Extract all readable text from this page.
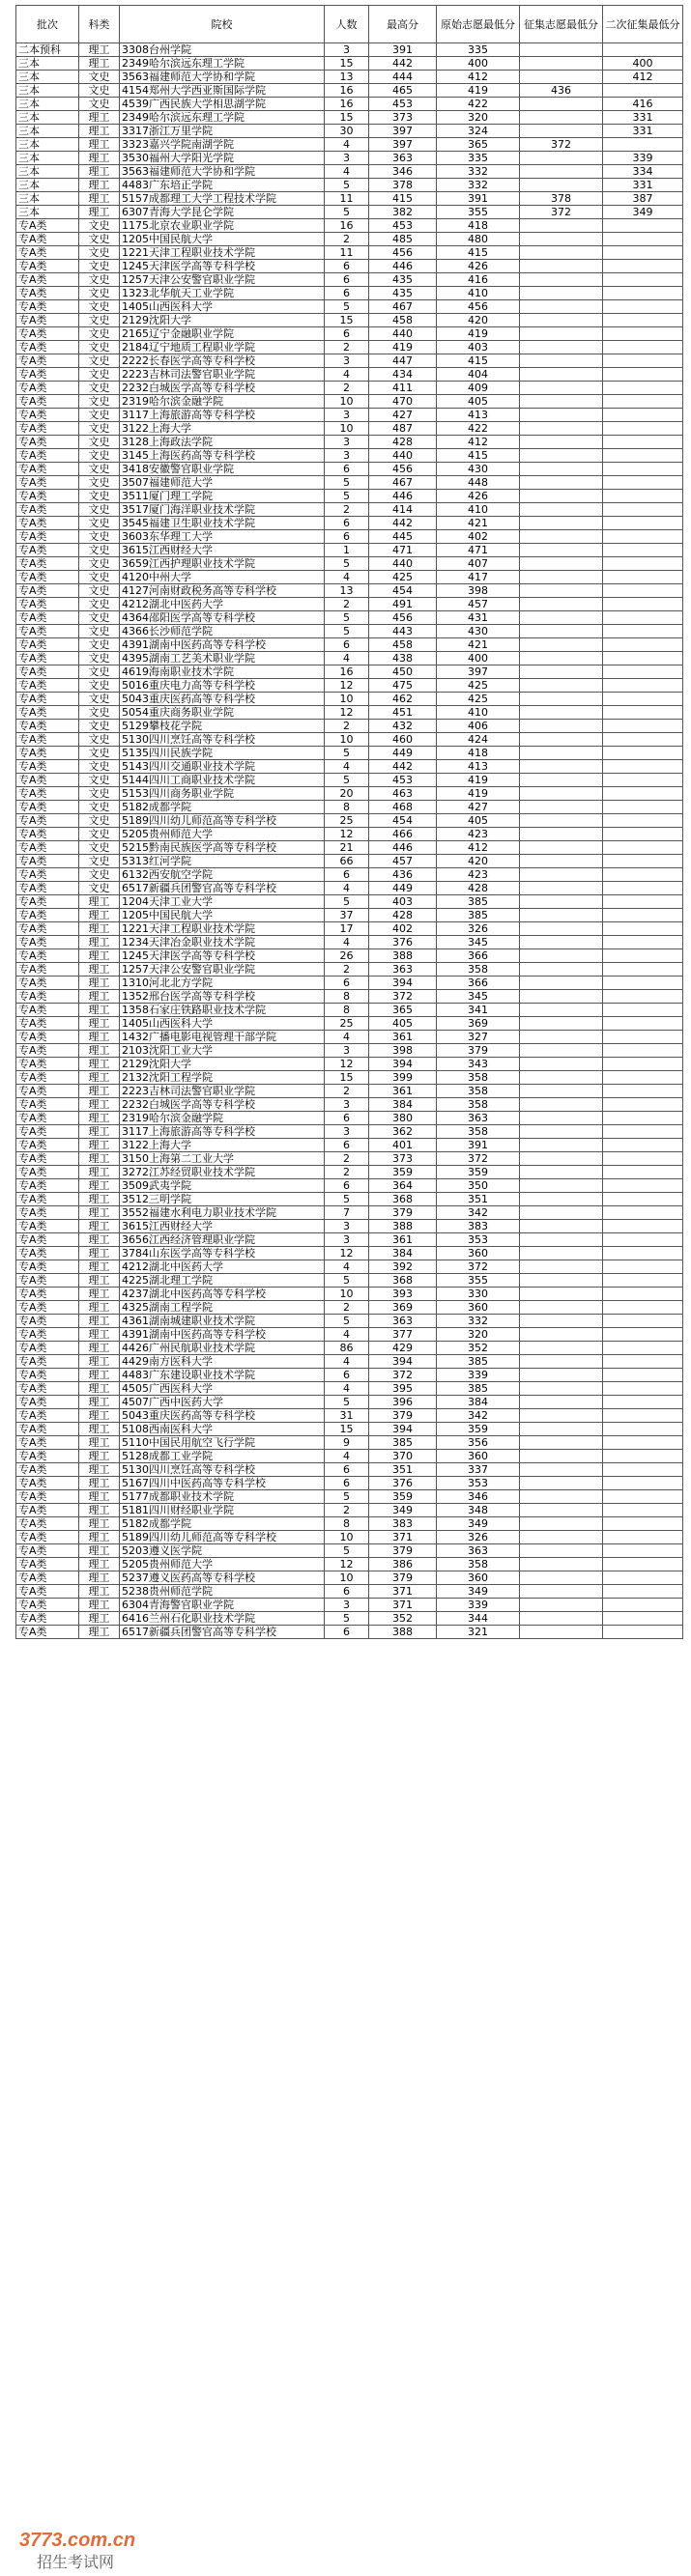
批次	科类	院校	人数	最高分	原始志愿最低分	征集志愿最低分	二次征集最低分
二本预科	理工	3308台州学院	3	391	335		
三本	理工	2349哈尔滨远东理工学院	15	442	400		400
三本	文史	3563福建师范大学协和学院	13	444	412		412
三本	文史	4154郑州大学西亚斯国际学院	16	465	419	436	
三本	文史	4539广西民族大学相思湖学院	16	453	422		416
三本	理工	2349哈尔滨远东理工学院	15	373	320		331
三本	理工	3317浙江万里学院	30	397	324		331
三本	理工	3323嘉兴学院南湖学院	4	397	365	372	
三本	理工	3530福州大学阳光学院	3	363	335		339
三本	理工	3563福建师范大学协和学院	4	346	332		334
三本	理工	4483广东培正学院	5	378	332		331
三本	理工	5157成都理工大学工程技术学院	11	415	391	378	387
三本	理工	6307青海大学昆仑学院	5	382	355	372	349
专A类	文史	1175北京农业职业学院	16	453	418		
专A类	文史	1205中国民航大学	2	485	480		
专A类	文史	1221天津工程职业技术学院	11	456	415		
专A类	文史	1245天津医学高等专科学校	6	446	426		
专A类	文史	1257天津公安警官职业学院	6	435	416		
专A类	文史	1323北华航天工业学院	6	435	410		
专A类	文史	1405山西医科大学	5	467	456		
专A类	文史	2129沈阳大学	15	458	420		
专A类	文史	2165辽宁金融职业学院	6	440	419		
专A类	文史	2184辽宁地质工程职业学院	2	419	403		
专A类	文史	2222长春医学高等专科学校	3	447	415		
专A类	文史	2223吉林司法警官职业学院	4	434	404		
专A类	文史	2232白城医学高等专科学校	2	411	409		
专A类	文史	2319哈尔滨金融学院	10	470	405		
专A类	文史	3117上海旅游高等专科学校	3	427	413		
专A类	文史	3122上海大学	10	487	422		
专A类	文史	3128上海政法学院	3	428	412		
专A类	文史	3145上海医药高等专科学校	3	440	415		
专A类	文史	3418安徽警官职业学院	6	456	430		
专A类	文史	3507福建师范大学	5	467	448		
专A类	文史	3511厦门理工学院	5	446	426		
专A类	文史	3517厦门海洋职业技术学院	2	414	410		
专A类	文史	3545福建卫生职业技术学院	6	442	421		
专A类	文史	3603东华理工大学	6	445	402		
专A类	文史	3615江西财经大学	1	471	471		
专A类	文史	3659江西护理职业技术学院	5	440	407		
专A类	文史	4120中州大学	4	425	417		
专A类	文史	4127河南财政税务高等专科学校	13	454	398		
专A类	文史	4212湖北中医药大学	2	491	457		
专A类	文史	4364邵阳医学高等专科学校	5	456	431		
专A类	文史	4366长沙师范学院	5	443	430		
专A类	文史	4391湖南中医药高等专科学校	6	458	421		
专A类	文史	4395湖南工艺美术职业学院	4	438	400		
专A类	文史	4619海南职业技术学院	16	450	397		
专A类	文史	5016重庆电力高等专科学校	12	475	425		
专A类	文史	5043重庆医药高等专科学校	10	462	425		
专A类	文史	5054重庆商务职业学院	12	451	410		
专A类	文史	5129攀枝花学院	2	432	406		
专A类	文史	5130四川烹饪高等专科学校	10	460	424		
专A类	文史	5135四川民族学院	5	449	418		
专A类	文史	5143四川交通职业技术学院	4	442	413		
专A类	文史	5144四川工商职业技术学院	5	453	419		
专A类	文史	5153四川商务职业学院	20	463	419		
专A类	文史	5182成都学院	8	468	427		
专A类	文史	5189四川幼儿师范高等专科学校	25	454	405		
专A类	文史	5205贵州师范大学	12	466	423		
专A类	文史	5215黔南民族医学高等专科学校	21	446	412		
专A类	文史	5313红河学院	66	457	420		
专A类	文史	6132西安航空学院	6	436	423		
专A类	文史	6517新疆兵团警官高等专科学校	4	449	428		
专A类	理工	1204天津工业大学	5	403	385		
专A类	理工	1205中国民航大学	37	428	385		
专A类	理工	1221天津工程职业技术学院	17	402	326		
专A类	理工	1234天津冶金职业技术学院	4	376	345		
专A类	理工	1245天津医学高等专科学校	26	388	366		
专A类	理工	1257天津公安警官职业学院	2	363	358		
专A类	理工	1310河北北方学院	6	394	366		
专A类	理工	1352邢台医学高等专科学校	8	372	345		
专A类	理工	1358石家庄铁路职业技术学院	8	365	341		
专A类	理工	1405山西医科大学	25	405	369		
专A类	理工	1432广播电影电视管理干部学院	4	361	327		
专A类	理工	2103沈阳工业大学	3	398	379		
专A类	理工	2129沈阳大学	12	394	343		
专A类	理工	2132沈阳工程学院	15	399	358		
专A类	理工	2223吉林司法警官职业学院	2	361	358		
专A类	理工	2232白城医学高等专科学校	3	384	358		
专A类	理工	2319哈尔滨金融学院	6	380	363		
专A类	理工	3117上海旅游高等专科学校	3	362	358		
专A类	理工	3122上海大学	6	401	391		
专A类	理工	3150上海第二工业大学	2	373	372		
专A类	理工	3272江苏经贸职业技术学院	2	359	359		
专A类	理工	3509武夷学院	6	364	350		
专A类	理工	3512三明学院	5	368	351		
专A类	理工	3552福建水利电力职业技术学院	7	379	342		
专A类	理工	3615江西财经大学	3	388	383		
专A类	理工	3656江西经济管理职业学院	3	361	353		
专A类	理工	3784山东医学高等专科学校	12	384	360		
专A类	理工	4212湖北中医药大学	4	392	372		
专A类	理工	4225湖北理工学院	5	368	355		
专A类	理工	4237湖北中医药高等专科学校	10	393	330		
专A类	理工	4325湖南工程学院	2	369	360		
专A类	理工	4361湖南城建职业技术学院	5	363	332		
专A类	理工	4391湖南中医药高等专科学校	4	377	320		
专A类	理工	4426广州民航职业技术学院	86	429	352		
专A类	理工	4429南方医科大学	4	394	385		
专A类	理工	4483广东建设职业技术学院	6	372	339		
专A类	理工	4505广西医科大学	4	395	385		
专A类	理工	4507广西中医药大学	5	396	384		
专A类	理工	5043重庆医药高等专科学校	31	379	342		
专A类	理工	5108西南医科大学	15	394	359		
专A类	理工	5110中国民用航空飞行学院	9	385	356		
专A类	理工	5128成都工业学院	4	370	360		
专A类	理工	5130四川烹饪高等专科学校	6	351	337		
专A类	理工	5167四川中医药高等专科学校	6	376	353		
专A类	理工	5177成都职业技术学院	5	359	346		
专A类	理工	5181四川财经职业学院	2	349	348		
专A类	理工	5182成都学院	8	383	349		
专A类	理工	5189四川幼儿师范高等专科学校	10	371	326		
专A类	理工	5203遵义医学院	5	379	363		
专A类	理工	5205贵州师范大学	12	386	358		
专A类	理工	5237遵义医药高等专科学校	10	379	360		
专A类	理工	5238贵州师范学院	6	371	349		
专A类	理工	6304青海警官职业学院	3	371	339		
专A类	理工	6416兰州石化职业技术学院	5	352	344		
专A类	理工	6517新疆兵团警官高等专科学校	6	388	321		
3773.com.cn
招生考试网
